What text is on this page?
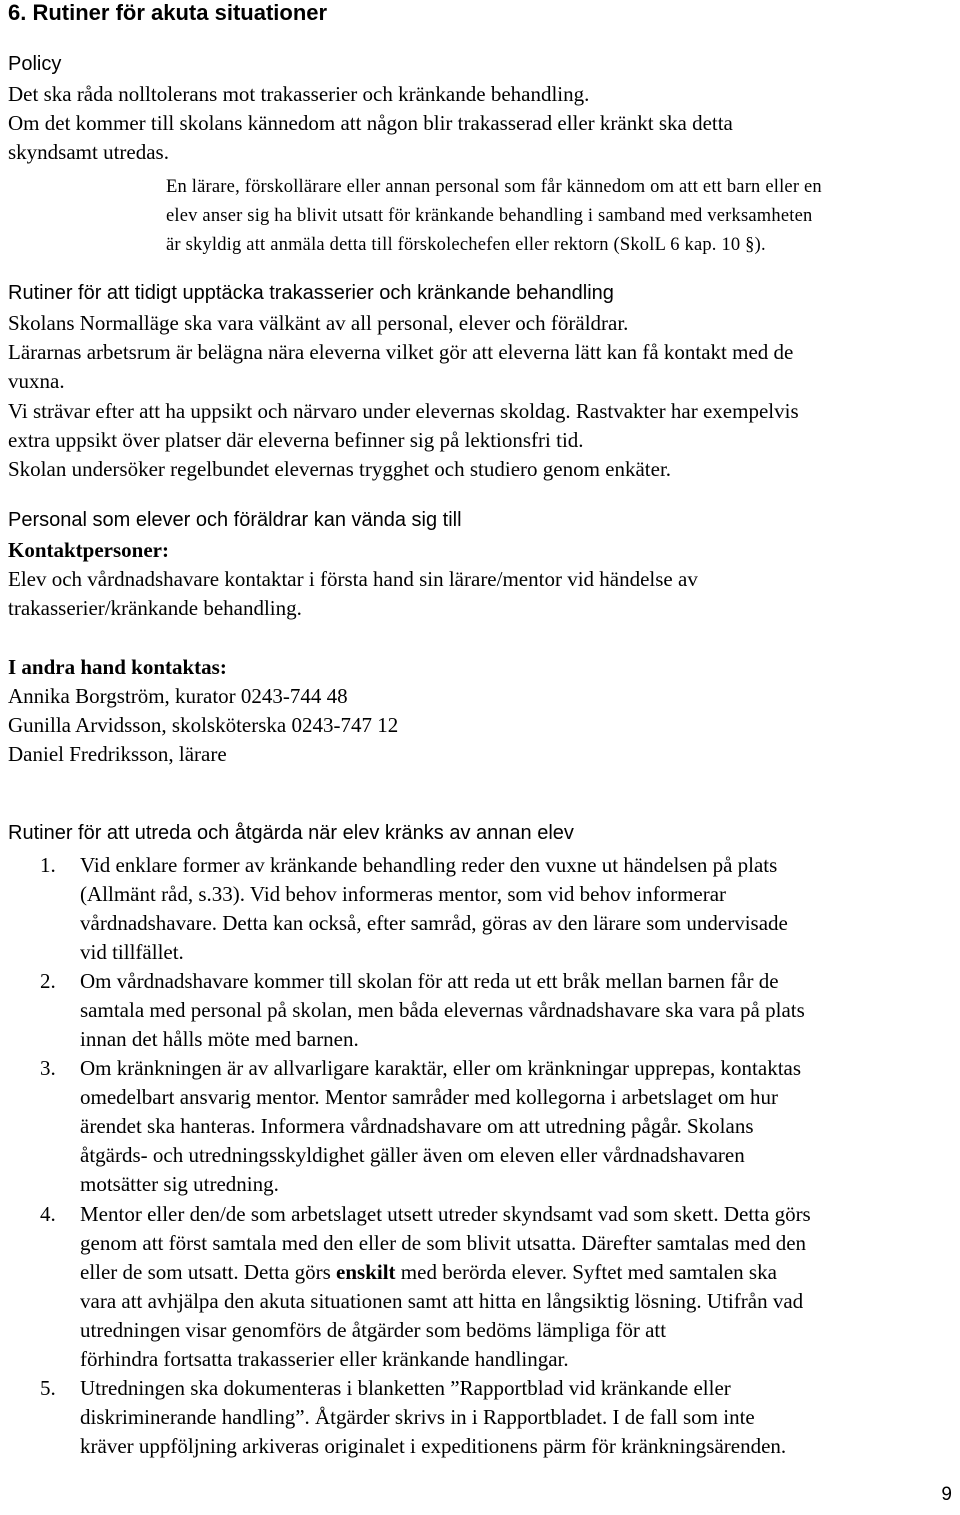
6. Rutiner för akuta situationer
Policy
Det ska råda nolltolerans mot trakasserier och kränkande behandling.
Om det kommer till skolans kännedom att någon blir trakasserad eller kränkt ska detta
skyndsamt utredas.
En lärare, förskollärare eller annan personal som får kännedom om att ett barn eller en
elev anser sig ha blivit utsatt för kränkande behandling i samband med verksamheten
är skyldig att anmäla detta till förskolechefen eller rektorn (SkolL 6 kap. 10 §).
Rutiner för att tidigt upptäcka trakasserier och kränkande behandling
Skolans Normalläge ska vara välkänt av all personal, elever och föräldrar.
Lärarnas arbetsrum är belägna nära eleverna vilket gör att eleverna lätt kan få kontakt med de
vuxna.
Vi strävar efter att ha uppsikt och närvaro under elevernas skoldag. Rastvakter har exempelvis
extra uppsikt över platser där eleverna befinner sig på lektionsfri tid.
Skolan undersöker regelbundet elevernas trygghet och studiero genom enkäter.
Personal som elever och föräldrar kan vända sig till
Kontaktpersoner:
Elev och vårdnadshavare kontaktar i första hand sin lärare/mentor vid händelse av
trakasserier/kränkande behandling.
I andra hand kontaktas:
Annika Borgström, kurator 0243-744 48
Gunilla Arvidsson, skolsköterska 0243-747 12
Daniel Fredriksson, lärare
Rutiner för att utreda och åtgärda när elev kränks av annan elev
1.	Vid enklare former av kränkande behandling reder den vuxne ut händelsen på plats
(Allmänt råd, s.33). Vid behov informeras mentor, som vid behov informerar
vårdnadshavare. Detta kan också, efter samråd, göras av den lärare som undervisade
vid tillfället.
2.	Om vårdnadshavare kommer till skolan för att reda ut ett bråk mellan barnen får de
samtala med personal på skolan, men båda elevernas vårdnadshavare ska vara på plats
innan det hålls möte med barnen.
3.	Om kränkningen är av allvarligare karaktär, eller om kränkningar upprepas, kontaktas
omedelbart ansvarig mentor. Mentor samråder med kollegorna i arbetslaget om hur
ärendet ska hanteras. Informera vårdnadshavare om att utredning pågår. Skolans
åtgärds- och utredningsskyldighet gäller även om eleven eller vårdnadshavaren
motsätter sig utredning.
4.	Mentor eller den/de som arbetslaget utsett utreder skyndsamt vad som skett. Detta görs
genom att först samtala med den eller de som blivit utsatta. Därefter samtalas med den
eller de som utsatt. Detta görs enskilt med berörda elever. Syftet med samtalen ska
vara att avhjälpa den akuta situationen samt att hitta en långsiktig lösning. Utifrån vad
utredningen visar genomförs de åtgärder som bedöms lämpliga för att
förhindra fortsatta trakasserier eller kränkande handlingar.
5.	Utredningen ska dokumenteras i blanketten ”Rapportblad vid kränkande eller
diskriminerande handling”. Åtgärder skrivs in i Rapportbladet. I de fall som inte
kräver uppföljning arkiveras originalet i expeditionens pärm för kränkningsärenden.
9
